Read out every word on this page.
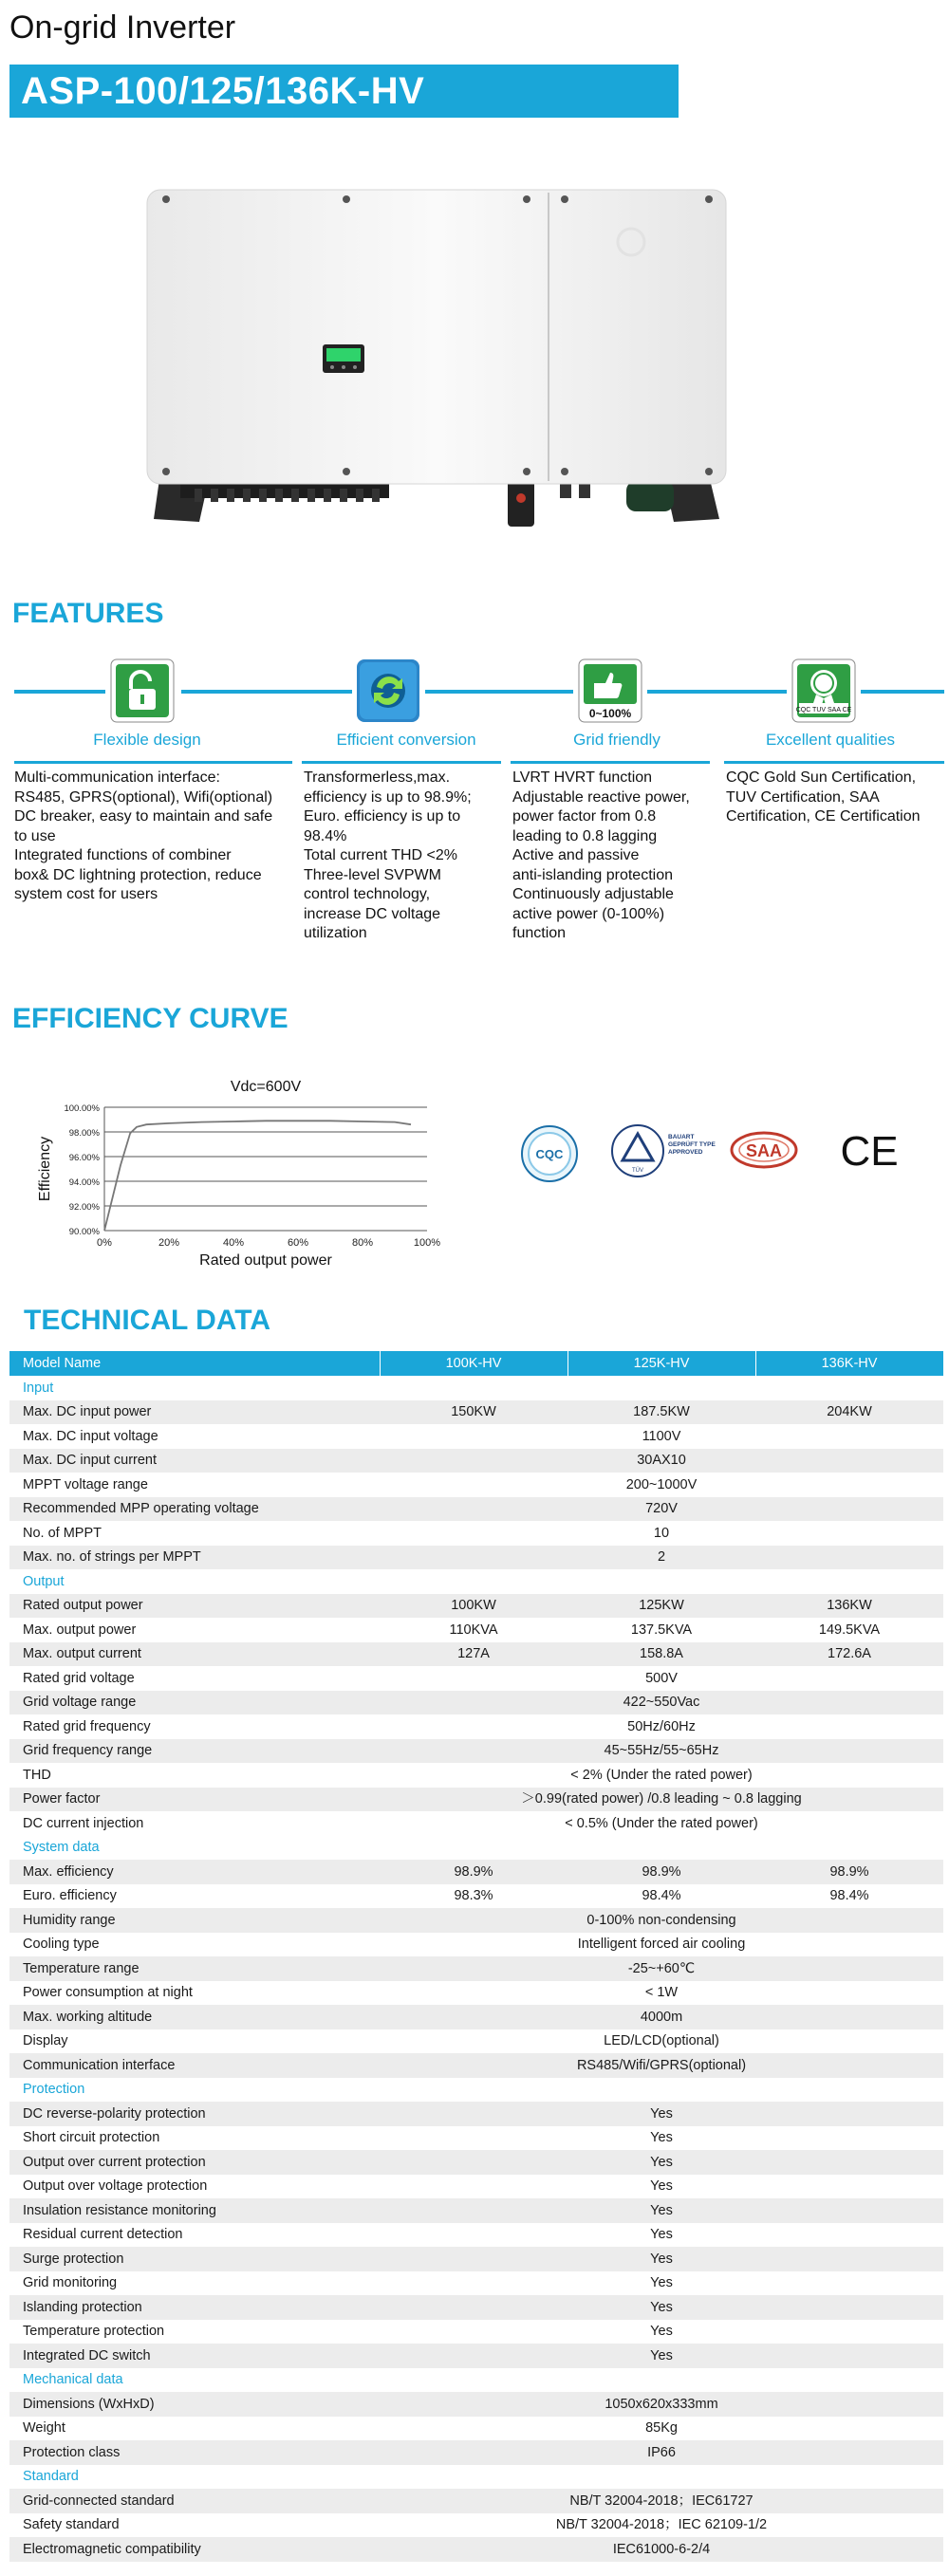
On-grid Inverter
ASP-100/125/136K-HV
FEATURES
0~100%	CQC TUV SAA CE
Flexible design	Efficient conversion	Grid friendly	Excellent qualities

Multi-communication interface:

RS485, GPRS(optional), Wifi(optional)

DC breaker, easy to maintain and safe

to use

Integrated functions of combiner

box& DC lightning protection, reduce

system cost for users

Transformerless,max.

efficiency is up to 98.9%;

Euro. efficiency is up to

98.4%

Total current THD <2%

Three-level SVPWM

control technology,

increase DC voltage

utilization

LVRT HVRT function

Adjustable reactive power,

power factor from 0.8

leading to 0.8 lagging

Active and passive

anti-islanding protection

Continuously adjustable

active power (0-100%)

function

CQC Gold Sun Certification,

TUV Certification, SAA

Certification, CE Certification

EFFICIENCY CURVE
Vdc=600V
90.00%
92.00%
94.00%
96.00%
98.00%
100.00%
0%	20%	40%	60%	80%	100%
Rated output power
Efficiency	CQC
TÜV
BAUART GEPRÜFT TYPE APPROVED	SAA CE
TECHNICAL DATA
Model Name	100K-HV	125K-HV	136K-HV
Input			
Max. DC input power	150KW	187.5KW	204KW
Max. DC input voltage	1100V		
Max. DC input current	30AX10		
MPPT voltage range	200~1000V		
Recommended MPP operating voltage	720V		
No. of MPPT	10		
Max. no. of strings per MPPT	2		
Output			
Rated output power	100KW	125KW	136KW
Max. output power	110KVA	137.5KVA	149.5KVA
Max. output current	127A	158.8A	172.6A
Rated grid voltage	500V		
Grid voltage range	422~550Vac		
Rated grid frequency	50Hz/60Hz		
Grid frequency range	45~55Hz/55~65Hz		
THD	< 2% (Under the rated power)		
Power factor	＞0.99(rated power) /0.8 leading ~ 0.8 lagging		
DC current injection	< 0.5% (Under the rated power)		
System data			
Max. efficiency	98.9%	98.9%	98.9%
Euro. efficiency	98.3%	98.4%	98.4%
Humidity range	0-100% non-condensing		
Cooling type	Intelligent forced air cooling		
Temperature range	-25~+60℃		
Power consumption at night	< 1W		
Max. working altitude	4000m		
Display	LED/LCD(optional)		
Communication interface	RS485/Wifi/GPRS(optional)		
Protection			
DC reverse-polarity protection	Yes		
Short circuit protection	Yes		
Output over current protection	Yes		
Output over voltage protection	Yes		
Insulation resistance monitoring	Yes		
Residual current detection	Yes		
Surge protection	Yes		
Grid monitoring	Yes		
Islanding protection	Yes		
Temperature protection	Yes		
Integrated DC switch	Yes		
Mechanical data			
Dimensions (WxHxD)	1050x620x333mm		
Weight	85Kg		
Protection class	IP66		
Standard			
Grid-connected standard	NB/T 32004-2018；IEC61727		
Safety standard	NB/T 32004-2018；IEC 62109-1/2		
Electromagnetic compatibility	IEC61000-6-2/4		
